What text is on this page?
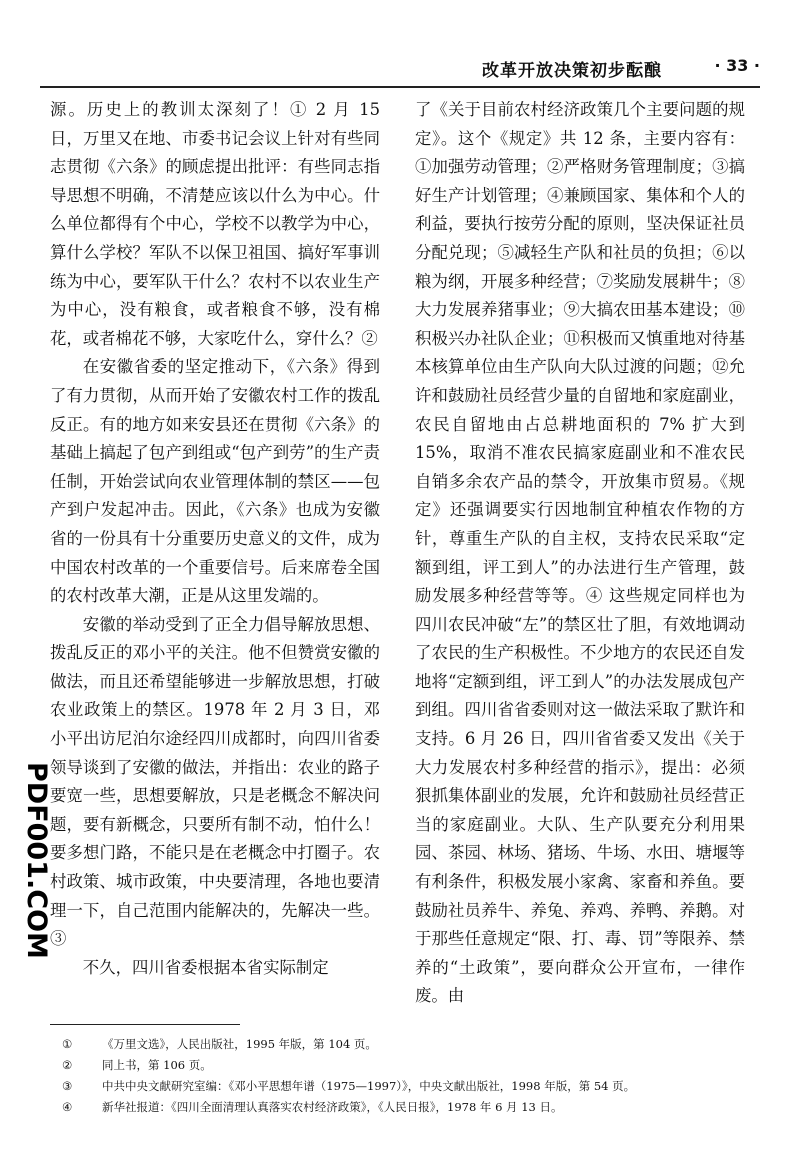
改革开放决策初步酝酿	· 33 ·

源。历史上的教训太深刻了！① 2 月 15 日，万里又在地、市委书记会议上针对有些同志贯彻《六条》的顾虑提出批评：有些同志指导思想不明确，不清楚应该以什么为中心。什么单位都得有个中心，学校不以教学为中心，算什么学校？军队不以保卫祖国、搞好军事训练为中心，要军队干什么？农村不以农业生产为中心，没有粮食，或者粮食不够，没有棉花，或者棉花不够，大家吃什么，穿什么？②

在安徽省委的坚定推动下，《六条》得到了有力贯彻，从而开始了安徽农村工作的拨乱反正。有的地方如来安县还在贯彻《六条》的基础上搞起了包产到组或“包产到劳”的生产责任制，开始尝试向农业管理体制的禁区——包产到户发起冲击。因此，《六条》也成为安徽省的一份具有十分重要历史意义的文件，成为中国农村改革的一个重要信号。后来席卷全国的农村改革大潮，正是从这里发端的。

安徽的举动受到了正全力倡导解放思想、拨乱反正的邓小平的关注。他不但赞赏安徽的做法，而且还希望能够进一步解放思想，打破农业政策上的禁区。1978 年 2 月 3 日，邓小平出访尼泊尔途经四川成都时，向四川省委领导谈到了安徽的做法，并指出：农业的路子要宽一些，思想要解放，只是老概念不解决问题，要有新概念，只要所有制不动，怕什么！要多想门路，不能只是在老概念中打圈子。农村政策、城市政策，中央要清理，各地也要清理一下，自己范围内能解决的，先解决一些。③

不久，四川省委根据本省实际制定

了《关于目前农村经济政策几个主要问题的规定》。这个《规定》共 12 条，主要内容有：①加强劳动管理；②严格财务管理制度；③搞好生产计划管理；④兼顾国家、集体和个人的利益，要执行按劳分配的原则，坚决保证社员分配兑现；⑤减轻生产队和社员的负担；⑥以粮为纲，开展多种经营；⑦奖励发展耕牛；⑧大力发展养猪事业；⑨大搞农田基本建设；⑩积极兴办社队企业；⑪积极而又慎重地对待基本核算单位由生产队向大队过渡的问题；⑫允许和鼓励社员经营少量的自留地和家庭副业，农民自留地由占总耕地面积的 7% 扩大到 15%，取消不准农民搞家庭副业和不准农民自销多余农产品的禁令，开放集市贸易。《规定》还强调要实行因地制宜种植农作物的方针，尊重生产队的自主权，支持农民采取“定额到组，评工到人”的办法进行生产管理，鼓励发展多种经营等等。④ 这些规定同样也为四川农民冲破“左”的禁区壮了胆，有效地调动了农民的生产积极性。不少地方的农民还自发地将“定额到组，评工到人”的办法发展成包产到组。四川省省委则对这一做法采取了默许和支持。6 月 26 日，四川省省委又发出《关于大力发展农村多种经营的指示》，提出：必须狠抓集体副业的发展，允许和鼓励社员经营正当的家庭副业。大队、生产队要充分利用果园、茶园、林场、猪场、牛场、水田、塘堰等有利条件，积极发展小家禽、家畜和养鱼。要鼓励社员养牛、养兔、养鸡、养鸭、养鹅。对于那些任意规定“限、打、毒、罚”等限养、禁养的“土政策”，要向群众公开宣布，一律作废。由

PDF001.COM
①	《万里文选》，人民出版社，1995 年版，第 104 页。
②	同上书，第 106 页。
③	中共中央文献研究室编：《邓小平思想年谱（1975—1997）》，中央文献出版社，1998 年版，第 54 页。
④	新华社报道：《四川全面清理认真落实农村经济政策》，《人民日报》，1978 年 6 月 13 日。
